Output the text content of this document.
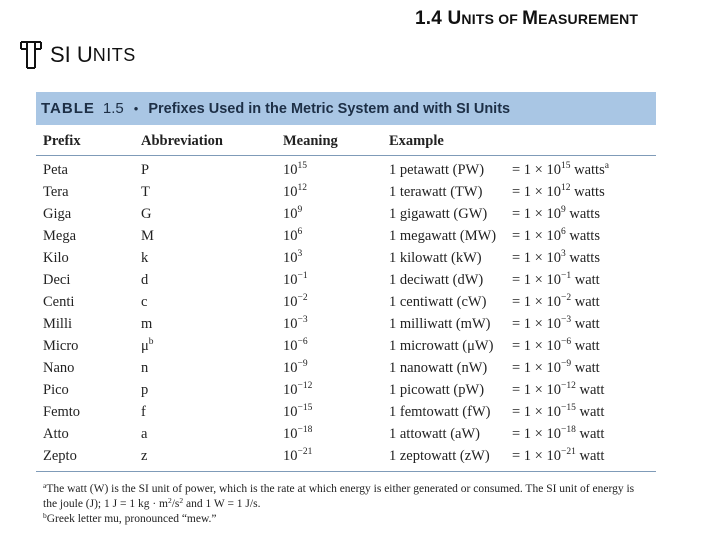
1.4 UNITS OF MEASUREMENT
SI U NITS
TABLE 1.5 • Prefixes Used in the Metric System and with SI Units
Prefix	Abbreviation	Meaning	Example
Peta	P	$10^{15}$	1 petawatt $(PW) = 1 \times 10^{15}$ watts$^a$
Tera	T	$10^{12}$	1 terawatt $(TW) = 1 \times 10^{12}$ watts
Giga	G	$10^9$	1 gigawatt $(GW) = 1 \times 10^9$ watts
Mega	M	$10^6$	1 megawatt $(MW) = 1 \times 10^6$ watts
Kilo	k	$10^3$	1 kilowatt $(kW) = 1 \times 10^3$ watts
Deci	d	$10^{-1}$	1 deciwatt $(dW) = 1 \times 10^{-1}$ watt
Centi	c	$10^{-2}$	1 centiwatt $(cW) = 1 \times 10^{-2}$ watt
Milli	m	$10^{-3}$	1 milliwatt $(mW) = 1 \times 10^{-3}$ watt
Micro	$\mu^b$	$10^{-6}$	1 microwatt $(\mu W) = 1 \times 10^{-6}$ watt
Nano	n	$10^{-9}$	1 nanowatt $(nW) = 1 \times 10^{-9}$ watt
Pico	p	$10^{-12}$	1 picowatt $(pW) = 1 \times 10^{-12}$ watt
Femto	f	$10^{-15}$	1 femtowatt $(fW) = 1 \times 10^{-15}$ watt
Atto	a	$10^{-18}$	1 attowatt $(aW) = 1 \times 10^{-18}$ watt
Zepto	z	$10^{-21}$	1 zeptowatt $(zW) = 1 \times 10^{-21}$ watt

$^a$The watt (W) is the SI unit of power, which is the rate at which energy is either generated or consumed. The SI unit of energy is the joule (J); 1 J = 1 kg · $m^2/s^2$ and 1 W = 1 J/s.

$^b$Greek letter mu, pronounced “mew.”
